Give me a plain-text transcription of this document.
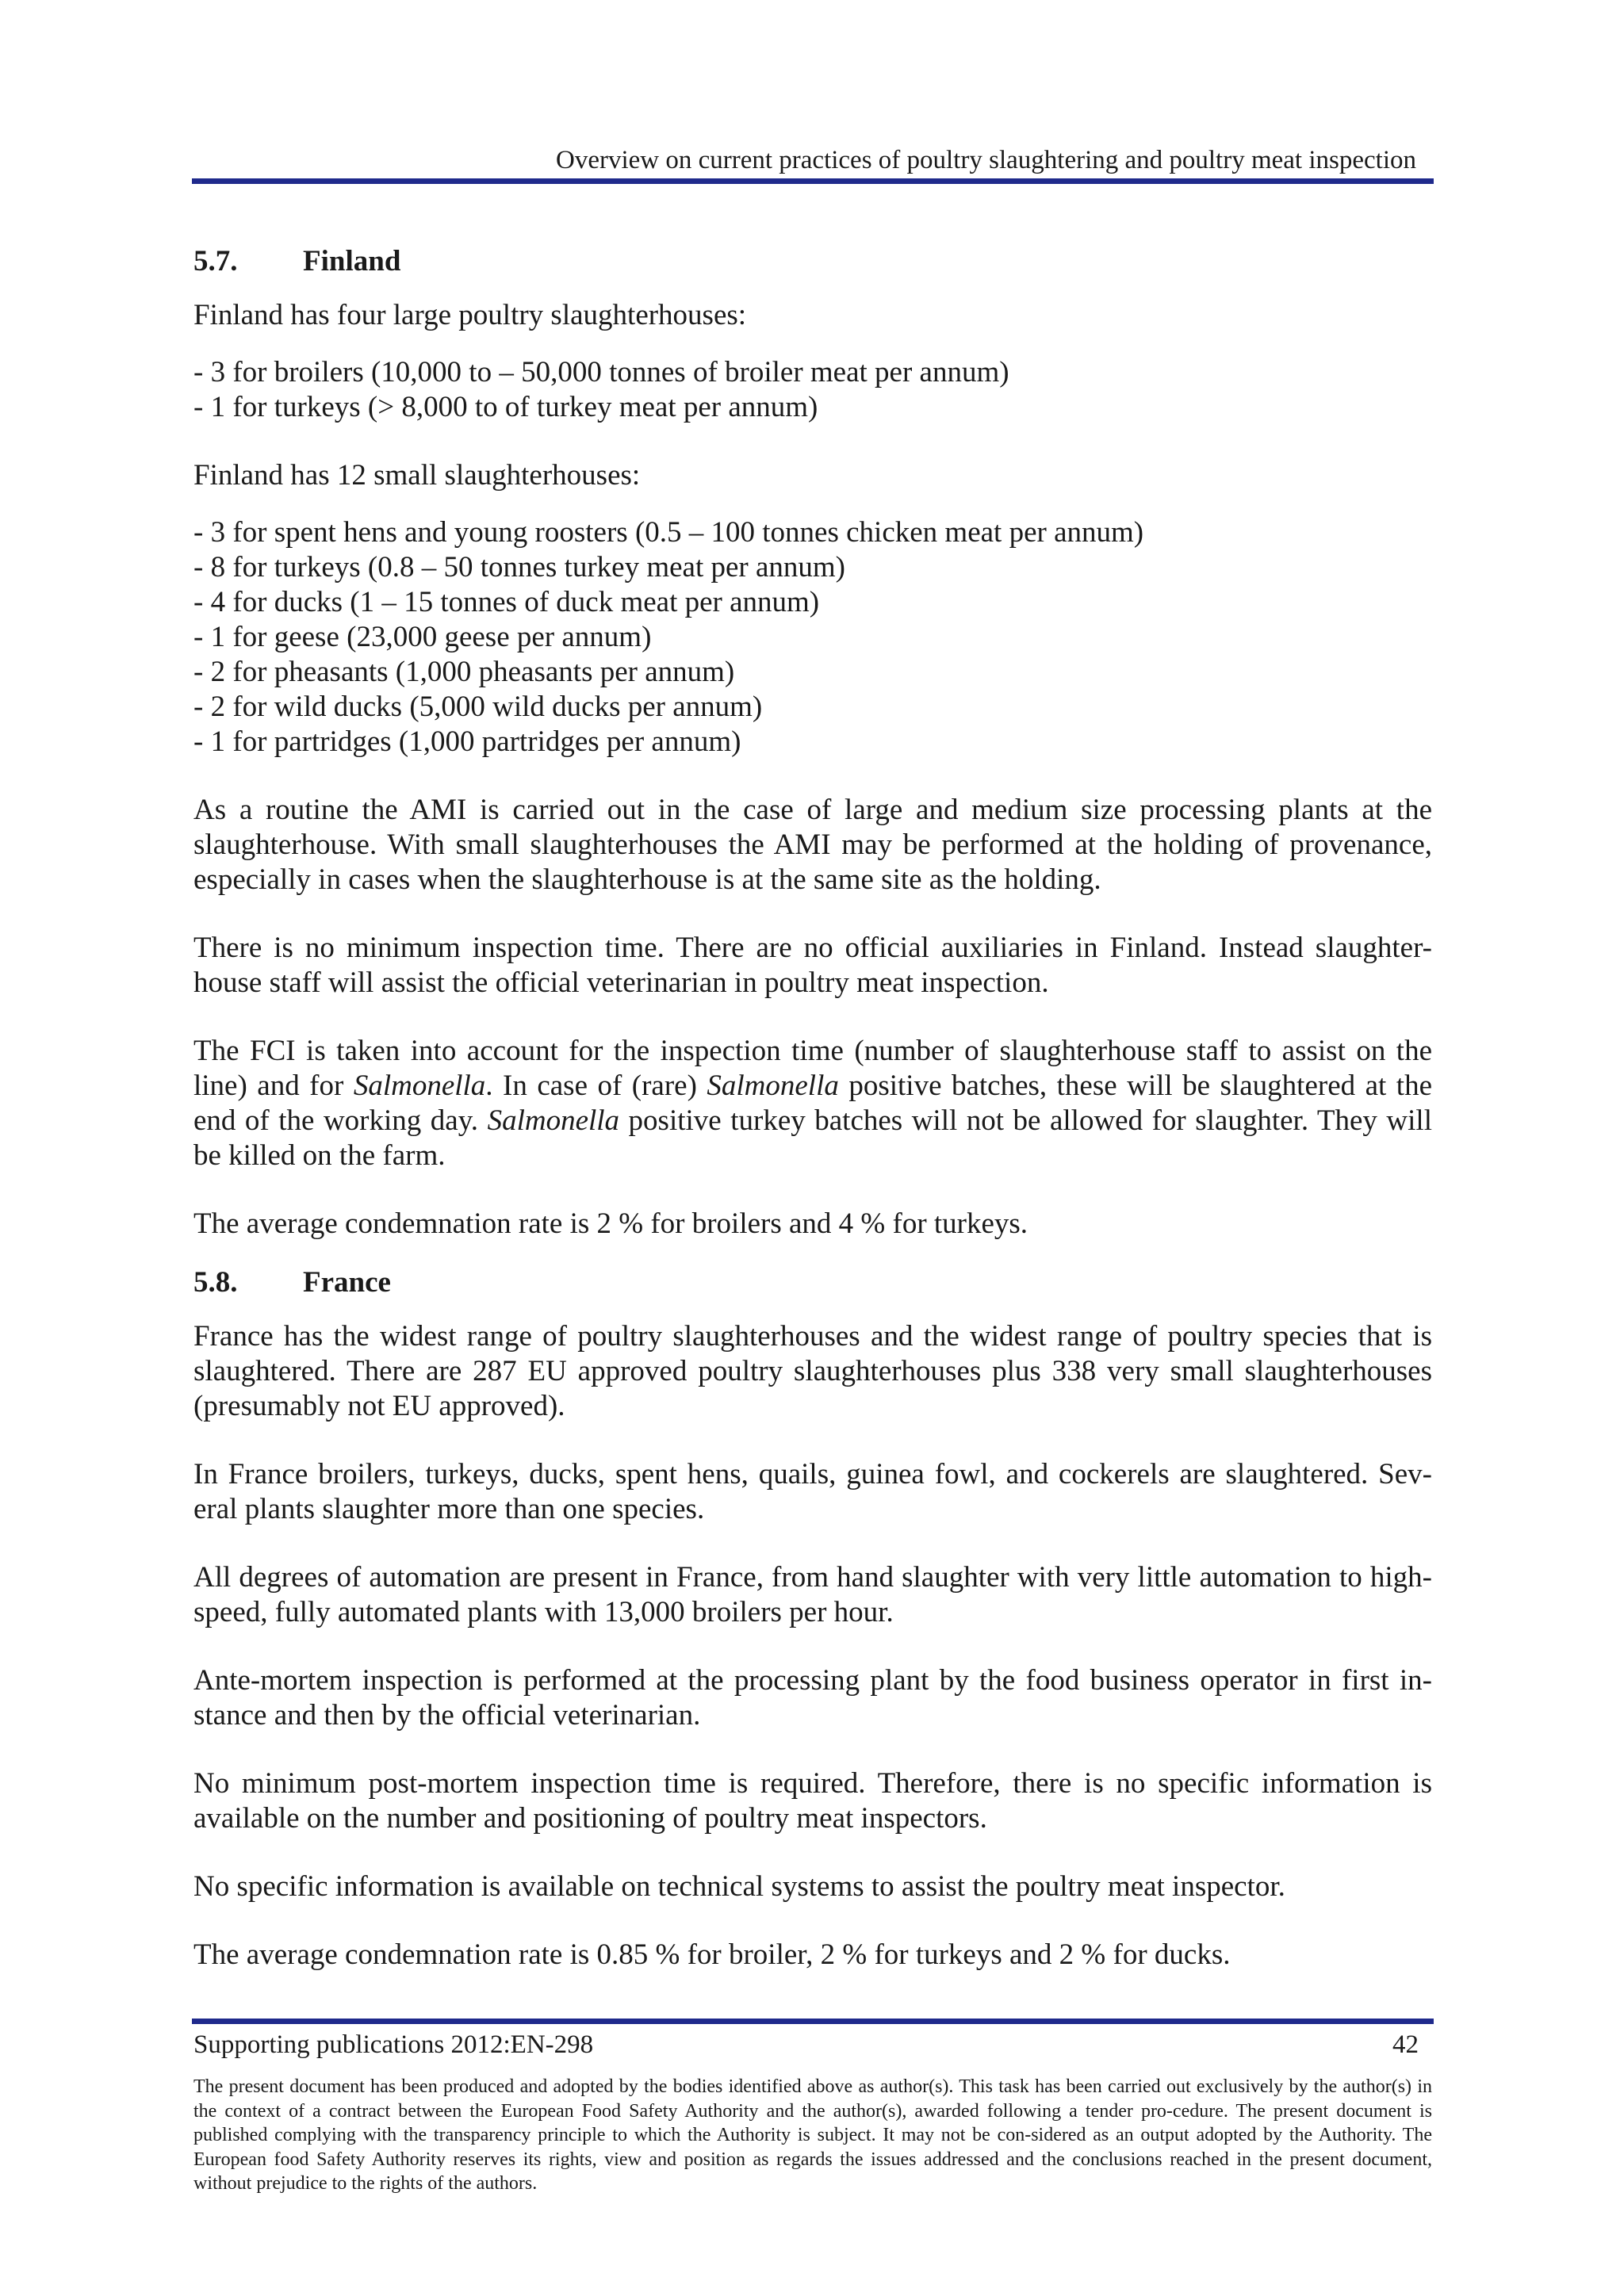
Overview on current practices of poultry slaughtering and poultry meat inspection
5.7.	Finland

Finland has four large poultry slaughterhouses:

- 3 for broilers (10,000 to – 50,000 tonnes of broiler meat per annum)
- 1 for turkeys (> 8,000 to of turkey meat per annum)

Finland has 12 small slaughterhouses:

- 3 for spent hens and young roosters (0.5 – 100 tonnes chicken meat per annum)
- 8 for turkeys (0.8 – 50 tonnes turkey meat per annum)
- 4 for ducks (1 – 15 tonnes of duck meat per annum)
- 1 for geese (23,000 geese per annum)
- 2 for pheasants (1,000 pheasants per annum)
- 2 for wild ducks (5,000 wild ducks per annum)
- 1 for partridges (1,000 partridges per annum)

As a routine the AMI is carried out in the case of large and medium size processing plants at the slaughterhouse. With small slaughterhouses the AMI may be performed at the holding of provenance, especially in cases when the slaughterhouse is at the same site as the holding.

There is no minimum inspection time. There are no official auxiliaries in Finland. Instead slaughter-house staff will assist the official veterinarian in poultry meat inspection.

The FCI is taken into account for the inspection time (number of slaughterhouse staff to assist on the line) and for Salmonella. In case of (rare) Salmonella positive batches, these will be slaughtered at the end of the working day. Salmonella positive turkey batches will not be allowed for slaughter. They will be killed on the farm.

The average condemnation rate is 2 % for broilers and 4 % for turkeys.

5.8.	France

France has the widest range of poultry slaughterhouses and the widest range of poultry species that is slaughtered. There are 287 EU approved poultry slaughterhouses plus 338 very small slaughterhouses (presumably not EU approved).

In France broilers, turkeys, ducks, spent hens, quails, guinea fowl, and cockerels are slaughtered. Sev-eral plants slaughter more than one species.

All degrees of automation are present in France, from hand slaughter with very little automation to high-speed, fully automated plants with 13,000 broilers per hour.

Ante-mortem inspection is performed at the processing plant by the food business operator in first in-stance and then by the official veterinarian.

No minimum post-mortem inspection time is required. Therefore, there is no specific information is available on the number and positioning of poultry meat inspectors.

No specific information is available on technical systems to assist the poultry meat inspector.

The average condemnation rate is 0.85 % for broiler, 2 % for turkeys and 2 % for ducks.

Supporting publications 2012:EN-298	42
The present document has been produced and adopted by the bodies identified above as author(s). This task has been carried out exclusively by the author(s) in the context of a contract between the European Food Safety Authority and the author(s), awarded following a tender pro-cedure. The present document is published complying with the transparency principle to which the Authority is subject. It may not be con-sidered as an output adopted by the Authority. The European food Safety Authority reserves its rights, view and position as regards the issues addressed and the conclusions reached in the present document, without prejudice to the rights of the authors.
